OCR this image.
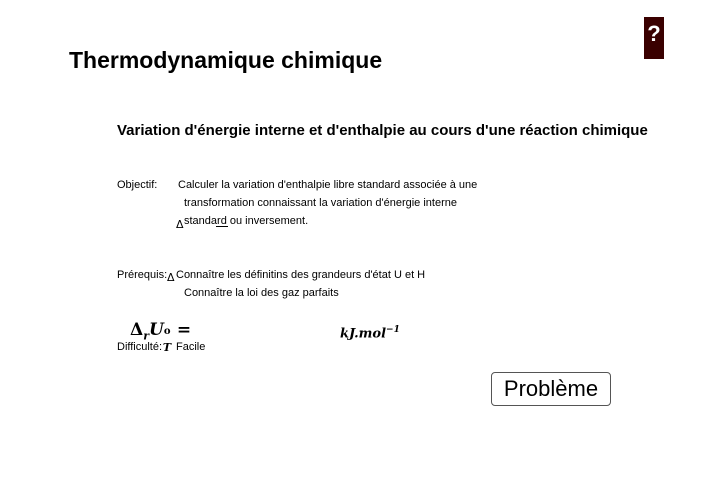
?
Thermodynamique chimique
Variation d'énergie interne et d'enthalpie au cours d'une réaction chimique
Objectif: Calculer la variation d'enthalpie libre standard associée à une
transformation connaissant la variation d'énergie interne
standard ou inversement.
Δ
Prérequis: Δ Connaître les définitins des grandeurs d'état U et H
Connaître la loi des gaz parfaits
$\Delta_rU$ o
T
=	kJ.mol$^{-1}$
Difficulté: Facile
Problème
